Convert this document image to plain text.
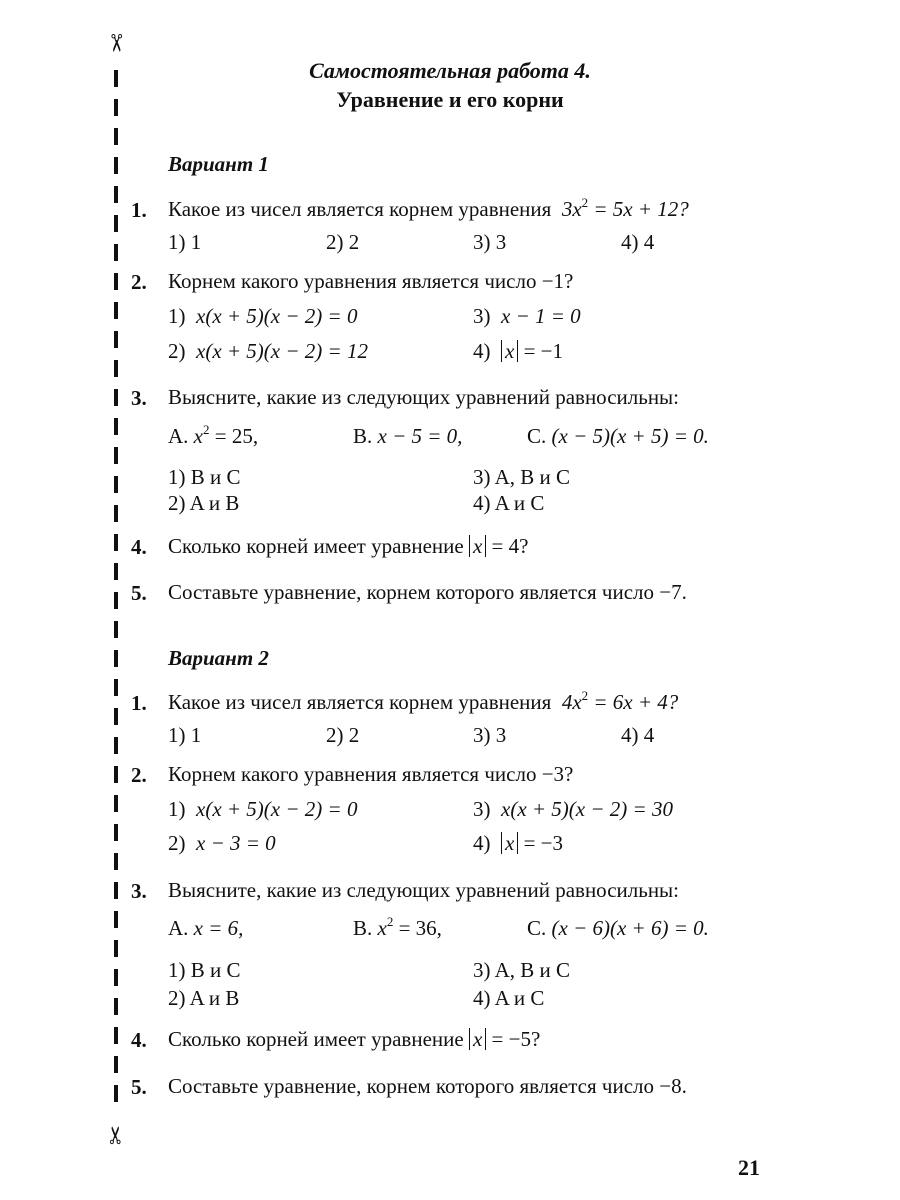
✂
✂
Самостоятельная работа 4.
Уравнение и его корни
Вариант 1
1. Какое из чисел является корнем уравнения $3x^2 = 5x + 12$?
1) 1	2) 2	3) 3	4) 4
2. Корнем какого уравнения является число −1?
1) x(x + 5)(x − 2) = 0	3) x − 1 = 0
2) x(x + 5)(x − 2) = 12	4) x = −1
3. Выясните, какие из следующих уравнений равносильны:
A. $x^2 = 25$,	B. x − 5 = 0,	C. (x − 5)(x + 5) = 0.
1) B и C	3) A, B и C
2) A и B	4) A и C
4. Сколько корней имеет уравнение x = 4?
5. Составьте уравнение, корнем которого является число −7.
Вариант 2
1. Какое из чисел является корнем уравнения $4x^2 = 6x + 4$?
1) 1	2) 2	3) 3	4) 4
2. Корнем какого уравнения является число −3?
1) x(x + 5)(x − 2) = 0	3) x(x + 5)(x − 2) = 30
2) x − 3 = 0	4) x = −3
3. Выясните, какие из следующих уравнений равносильны:
A. x = 6,	B. $x^2 = 36$,	C. (x − 6)(x + 6) = 0.
1) B и C	3) A, B и C
2) A и B	4) A и C
4. Сколько корней имеет уравнение x = −5?
5. Составьте уравнение, корнем которого является число −8.
21
